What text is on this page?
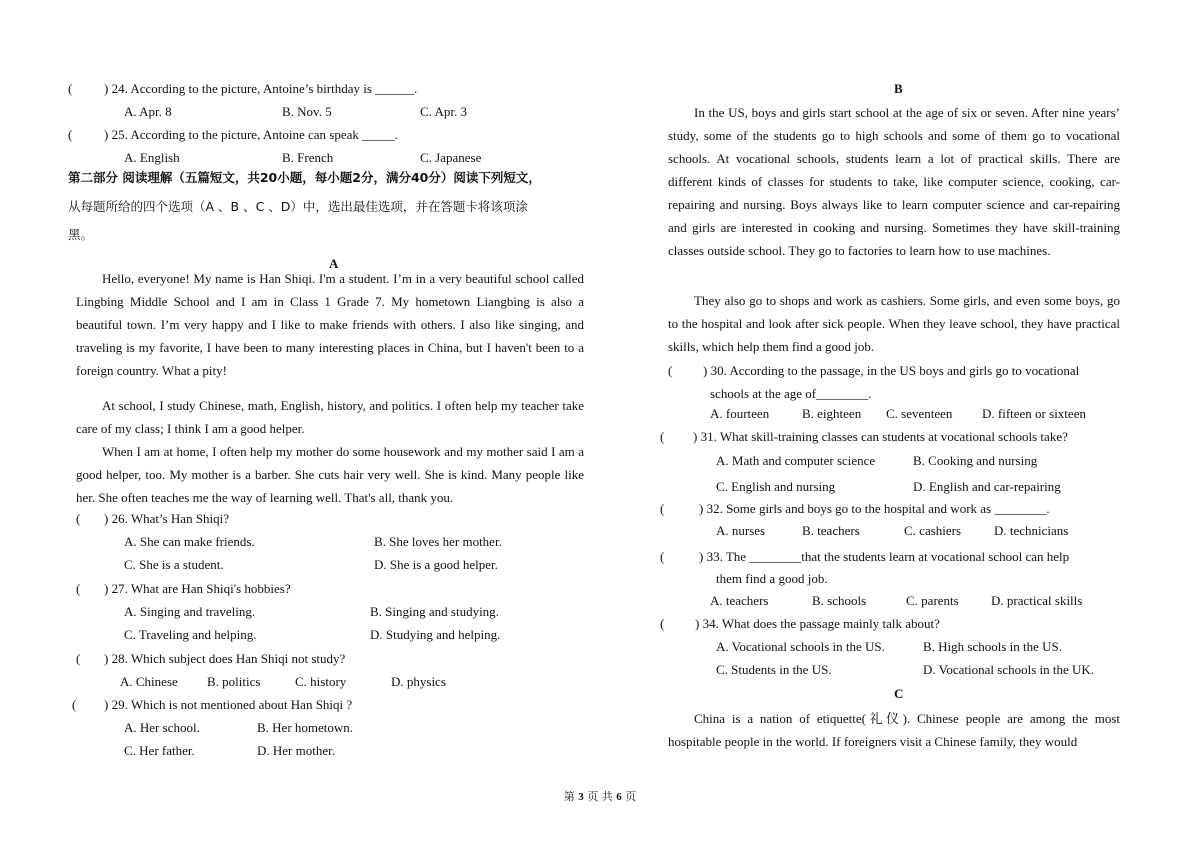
( ) 24. According to the picture, Antoine’s birthday is ______.
A. Apr. 8	B. Nov. 5	C. Apr. 3
( ) 25. According to the picture, Antoine can speak _____.
A. English	B. French	C. Japanese
第二部分 阅读理解（五篇短文，共20小题，每小题2分，满分40分）阅读下列短文，
从每题所给的四个选项（A 、B 、C 、D）中，选出最佳选项，并在答题卡将该项涂
黑。
A

Hello, everyone! My name is Han Shiqi. I'm a student. I’m in a very beautiful school called Lingbing Middle School and I am in Class 1 Grade 7. My hometown Liangbing is also a beautiful town. I’m very happy and I like to make friends with others. I also like singing, and traveling is my favorite, I have been to many interesting places in China, but I haven't been to a foreign country. What a pity!

At school, I study Chinese, math, English, history, and politics. I often help my teacher take care of my class; I think I am a good helper.

When I am at home, I often help my mother do some housework and my mother said I am a good helper, too. My mother is a barber. She cuts hair very well. She is kind. Many people like her. She often teaches me the way of learning well. That's all, thank you.

( ) 26. What’s Han Shiqi?
A. She can make friends.	B. She loves her mother.
C. She is a student.	D. She is a good helper.
( ) 27. What are Han Shiqi's hobbies?
A. Singing and traveling.	B. Singing and studying.
C. Traveling and helping.	D. Studying and helping.
( ) 28. Which subject does Han Shiqi not study?
A. Chinese B. politics	C. history	D. physics
( ) 29. Which is not mentioned about Han Shiqi ?
A. Her school.	B. Her hometown.
C. Her father.	D. Her mother.
B

In the US, boys and girls start school at the age of six or seven. After nine years’ study, some of the students go to high schools and some of them go to vocational schools. At vocational schools, students learn a lot of practical skills. There are different kinds of classes for students to take, like computer science, cooking, car- repairing and nursing. Boys always like to learn computer science and car-repairing and girls are interested in cooking and nursing. Sometimes they have skill-training classes outside school. They go to factories to learn how to use machines.

They also go to shops and work as cashiers. Some girls, and even some boys, go to the hospital and look after sick people. When they leave school, they have practical skills, which help them find a good job.

( ) 30. According to the passage, in the US boys and girls go to vocational
schools at the age of________.
A. fourteen	B. eighteen C. seventeen D. fifteen or sixteen
( ) 31. What skill-training classes can students at vocational schools take?
A. Math and computer science	B. Cooking and nursing
C. English and nursing	D. English and car-repairing
(	) 32. Some girls and boys go to the hospital and work as ________.
A. nurses	B. teachers	C. cashiers	D. technicians
(	) 33. The ________that the students learn at vocational school can help
them find a good job.
A. teachers	B. schools	C. parents D. practical skills
( ) 34. What does the passage mainly talk about?
A. Vocational schools in the US.	B. High schools in the US.
C. Students in the US.	D. Vocational schools in the UK.
C

China is a nation of etiquette(礼仪). Chinese people are among the most hospitable people in the world. If foreigners visit a Chinese family, they would

第 3 页 共 6 页
